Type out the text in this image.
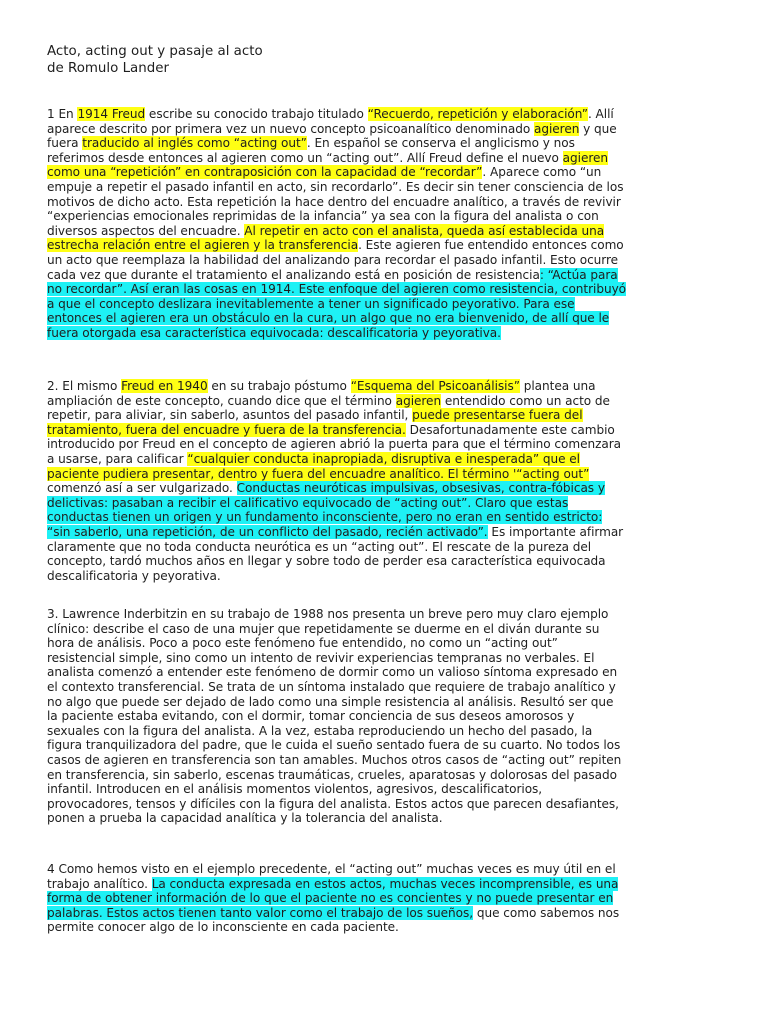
Acto, acting out y pasaje al acto
de Romulo Lander
1 En 1914 Freud escribe su conocido trabajo titulado “Recuerdo, repetición y elaboración”. Allí aparece descrito por primera vez un nuevo concepto psicoanalítico denominado agieren y que fuera traducido al inglés como “acting out”. En español se conserva el anglicismo y nos referimos desde entonces al agieren como un “acting out”. Allí Freud define el nuevo agieren como una “repetición” en contraposición con la capacidad de “recordar”. Aparece como “un empuje a repetir el pasado infantil en acto, sin recordarlo”. Es decir sin tener consciencia de los motivos de dicho acto. Esta repetición la hace dentro del encuadre analítico, a través de revivir “experiencias emocionales reprimidas de la infancia” ya sea con la figura del analista o con diversos aspectos del encuadre. Al repetir en acto con el analista, queda así establecida una estrecha relación entre el agieren y la transferencia. Este agieren fue entendido entonces como un acto que reemplaza la habilidad del analizando para recordar el pasado infantil. Esto ocurre cada vez que durante el tratamiento el analizando está en posición de resistencia: “Actúa para no recordar”. Así eran las cosas en 1914. Este enfoque del agieren como resistencia, contribuyó a que el concepto deslizara inevitablemente a tener un significado peyorativo. Para ese entonces el agieren era un obstáculo en la cura, un algo que no era bienvenido, de allí que le fuera otorgada esa característica equivocada: descalificatoria y peyorativa.
2. El mismo Freud en 1940 en su trabajo póstumo “Esquema del Psicoanálisis” plantea una ampliación de este concepto, cuando dice que el término agieren entendido como un acto de repetir, para aliviar, sin saberlo, asuntos del pasado infantil, puede presentarse fuera del tratamiento, fuera del encuadre y fuera de la transferencia. Desafortunadamente este cambio introducido por Freud en el concepto de agieren abrió la puerta para que el término comenzara a usarse, para calificar “cualquier conducta inapropiada, disruptiva e inesperada” que el paciente pudiera presentar, dentro y fuera del encuadre analítico. El término '“acting out” comenzó así a ser vulgarizado. Conductas neuróticas impulsivas, obsesivas, contra-fóbicas y delictivas: pasaban a recibir el calificativo equivocado de “acting out”. Claro que estas conductas tienen un origen y un fundamento inconsciente, pero no eran en sentido estricto: “sin saberlo, una repetición, de un conflicto del pasado, recién activado”. Es importante afirmar claramente que no toda conducta neurótica es un “acting out”. El rescate de la pureza del concepto, tardó muchos años en llegar y sobre todo de perder esa característica equivocada descalificatoria y peyorativa.
3. Lawrence Inderbitzin en su trabajo de 1988 nos presenta un breve pero muy claro ejemplo clínico: describe el caso de una mujer que repetidamente se duerme en el diván durante su hora de análisis. Poco a poco este fenómeno fue entendido, no como un “acting out” resistencial simple, sino como un intento de revivir experiencias tempranas no verbales. El analista comenzó a entender este fenómeno de dormir como un valioso síntoma expresado en el contexto transferencial. Se trata de un síntoma instalado que requiere de trabajo analítico y no algo que puede ser dejado de lado como una simple resistencia al análisis. Resultó ser que la paciente estaba evitando, con el dormir, tomar conciencia de sus deseos amorosos y sexuales con la figura del analista. A la vez, estaba reproduciendo un hecho del pasado, la figura tranquilizadora del padre, que le cuida el sueño sentado fuera de su cuarto. No todos los casos de agieren en transferencia son tan amables. Muchos otros casos de “acting out” repiten en transferencia, sin saberlo, escenas traumáticas, crueles, aparatosas y dolorosas del pasado infantil. Introducen en el análisis momentos violentos, agresivos, descalificatorios, provocadores, tensos y difíciles con la figura del analista. Estos actos que parecen desafiantes, ponen a prueba la capacidad analítica y la tolerancia del analista.
4 Como hemos visto en el ejemplo precedente, el “acting out” muchas veces es muy útil en el trabajo analítico. La conducta expresada en estos actos, muchas veces incomprensible, es una forma de obtener información de lo que el paciente no es concientes y no puede presentar en palabras. Estos actos tienen tanto valor como el trabajo de los sueños, que como sabemos nos permite conocer algo de lo inconsciente en cada paciente.
